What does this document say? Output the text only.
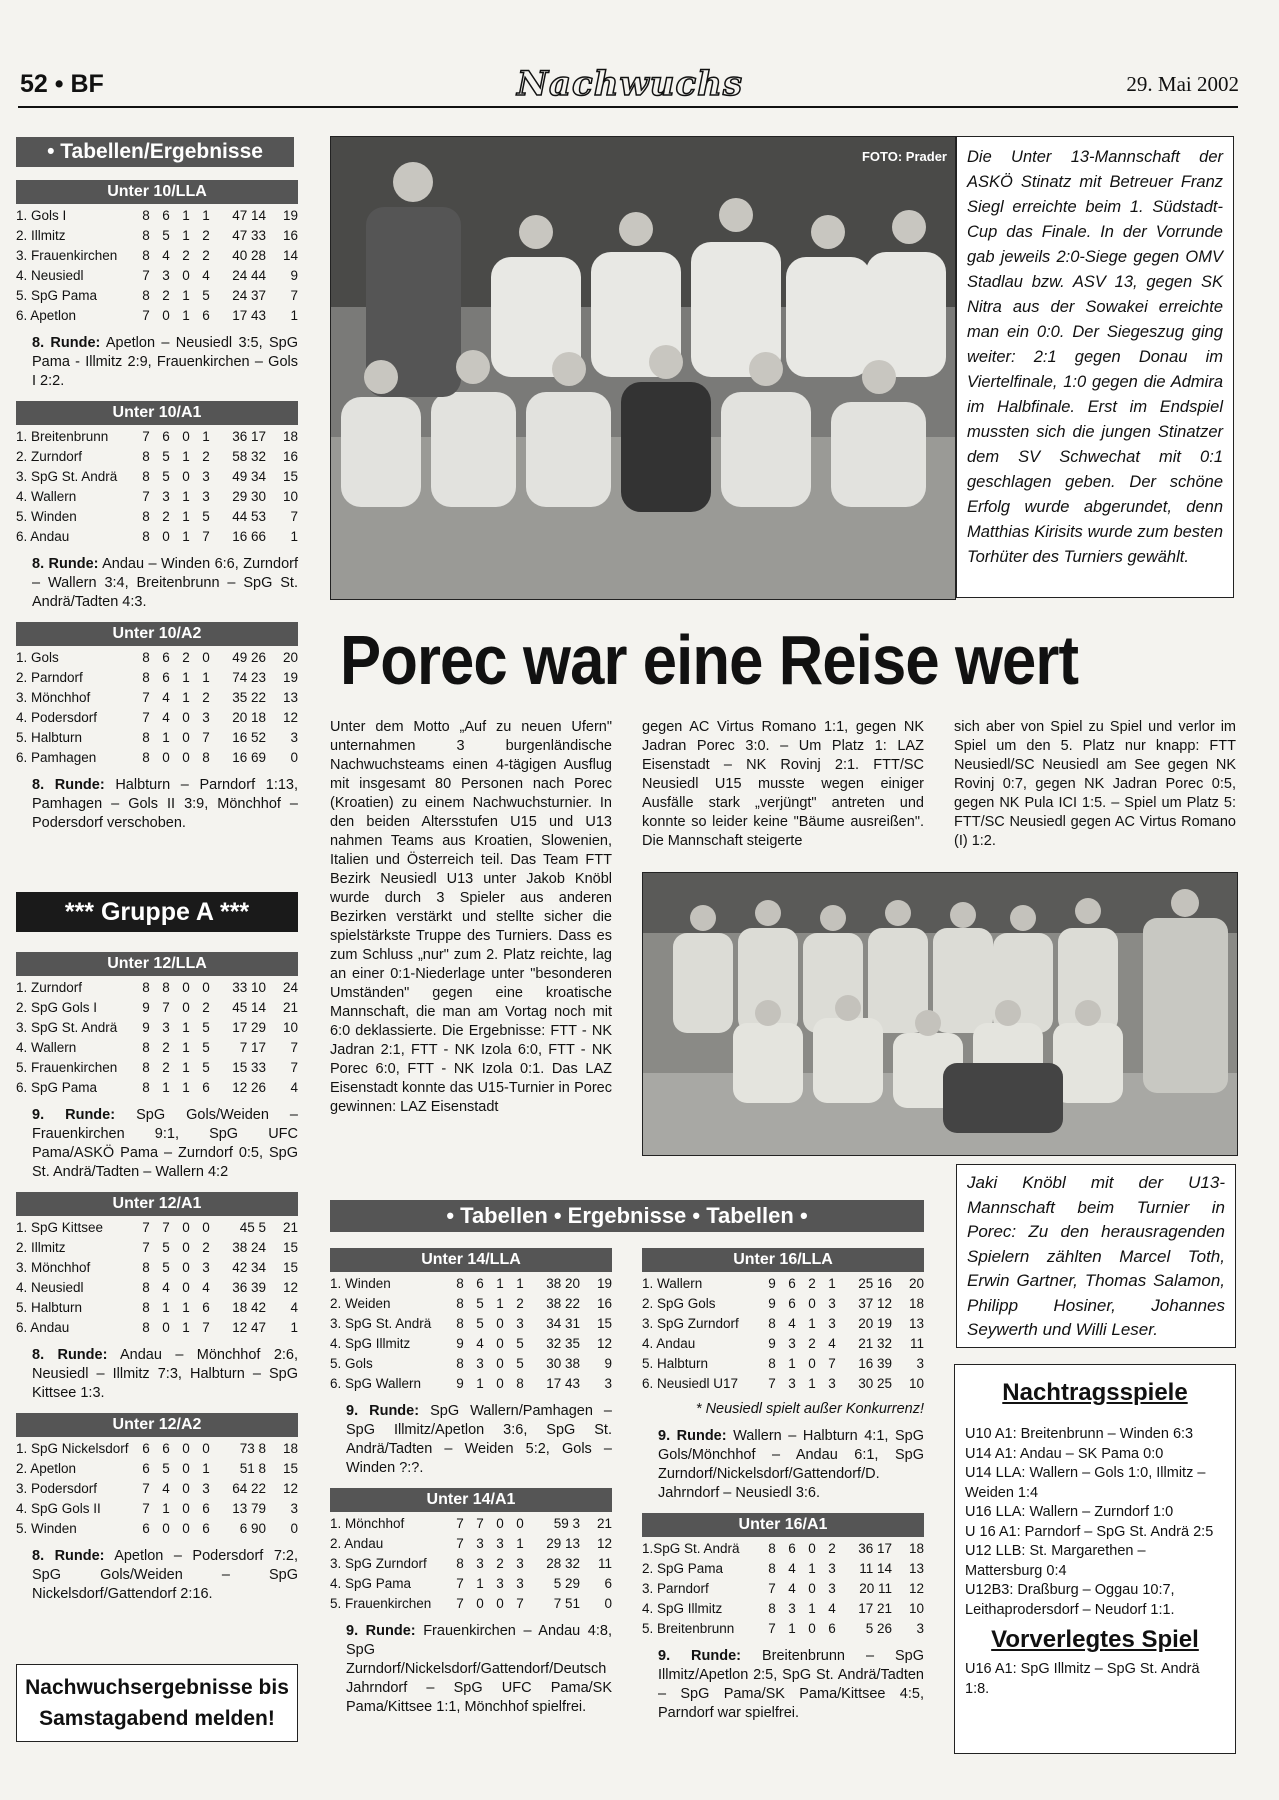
52 • BF	Nachwuchs	29. Mai 2002
• Tabellen/Ergebnisse
Unter 10/LLA
1. Gols I	8	6	1	1	47 14	19
2. Illmitz	8	5	1	2	47 33	16
3. Frauenkirchen	8	4	2	2	40 28	14
4. Neusiedl	7	3	0	4	24 44	9
5. SpG Pama	8	2	1	5	24 37	7
6. Apetlon	7	0	1	6	17 43	1
8. Runde: Apetlon – Neusiedl 3:5, SpG Pama - Illmitz 2:9, Frauenkirchen – Gols I 2:2.
Unter 10/A1
1. Breitenbrunn	7	6	0	1	36 17	18
2. Zurndorf	8	5	1	2	58 32	16
3. SpG St. Andrä	8	5	0	3	49 34	15
4. Wallern	7	3	1	3	29 30	10
5. Winden	8	2	1	5	44 53	7
6. Andau	8	0	1	7	16 66	1
8. Runde: Andau – Winden 6:6, Zurndorf – Wallern 3:4, Breitenbrunn – SpG St. Andrä/Tadten 4:3.
Unter 10/A2
1. Gols	8	6	2	0	49 26	20
2. Parndorf	8	6	1	1	74 23	19
3. Mönchhof	7	4	1	2	35 22	13
4. Podersdorf	7	4	0	3	20 18	12
5. Halbturn	8	1	0	7	16 52	3
6. Pamhagen	8	0	0	8	16 69	0
8. Runde: Halbturn – Parndorf 1:13, Pamhagen – Gols II 3:9, Mönchhof – Podersdorf verschoben.
*** Gruppe A ***
Unter 12/LLA
1. Zurndorf	8	8	0	0	33 10	24
2. SpG Gols I	9	7	0	2	45 14	21
3. SpG St. Andrä	9	3	1	5	17 29	10
4. Wallern	8	2	1	5	7 17	7
5. Frauenkirchen	8	2	1	5	15 33	7
6. SpG Pama	8	1	1	6	12 26	4
9. Runde: SpG Gols/Weiden – Frauenkirchen 9:1, SpG UFC Pama/ASKÖ Pama – Zurndorf 0:5, SpG St. Andrä/Tadten – Wallern 4:2
Unter 12/A1
1. SpG Kittsee	7	7	0	0	45 5	21
2. Illmitz	7	5	0	2	38 24	15
3. Mönchhof	8	5	0	3	42 34	15
4. Neusiedl	8	4	0	4	36 39	12
5. Halbturn	8	1	1	6	18 42	4
6. Andau	8	0	1	7	12 47	1
8. Runde: Andau – Mönchhof 2:6, Neusiedl – Illmitz 7:3, Halbturn – SpG Kittsee 1:3.
Unter 12/A2
1. SpG Nickelsdorf	6	6	0	0	73 8	18
2. Apetlon	6	5	0	1	51 8	15
3. Podersdorf	7	4	0	3	64 22	12
4. SpG Gols II	7	1	0	6	13 79	3
5. Winden	6	0	0	6	6 90	0
8. Runde: Apetlon – Podersdorf 7:2, SpG Gols/Weiden – SpG Nickelsdorf/Gattendorf 2:16.
Nachwuchsergebnisse bis Samstagabend melden!
FOTO: Prader	Die Unter 13-Mannschaft der ASKÖ Stinatz mit Betreuer Franz Siegl erreichte beim 1. Südstadt-Cup das Finale. In der Vorrunde gab jeweils 2:0-Siege gegen OMV Stadlau bzw. ASV 13, gegen SK Nitra aus der Sowakei erreichte man ein 0:0. Der Siegeszug ging weiter: 2:1 gegen Donau im Viertelfinale, 1:0 gegen die Admira im Halbfinale. Erst im Endspiel mussten sich die jungen Stinatzer dem SV Schwechat mit 0:1 geschlagen geben. Der schöne Erfolg wurde abgerundet, denn Matthias Kirisits wurde zum besten Torhüter des Turniers gewählt.
Porec war eine Reise wert
Unter dem Motto „Auf zu neuen Ufern" unternahmen 3 burgenländische Nachwuchsteams einen 4-tägigen Ausflug mit insgesamt 80 Personen nach Porec (Kroatien) zu einem Nachwuchsturnier. In den beiden Altersstufen U15 und U13 nahmen Teams aus Kroatien, Slowenien, Italien und Österreich teil. Das Team FTT Bezirk Neusiedl U13 unter Jakob Knöbl wurde durch 3 Spieler aus anderen Bezirken verstärkt und stellte sicher die spielstärkste Truppe des Turniers. Dass es zum Schluss „nur" zum 2. Platz reichte, lag an einer 0:1-Niederlage unter "besonderen Umständen" gegen eine kroatische Mannschaft, die man am Vortag noch mit 6:0 deklassierte. Die Ergebnisse: FTT - NK Jadran 2:1, FTT - NK Izola 6:0, FTT - NK Porec 6:0, FTT - NK Izola 0:1. Das LAZ Eisenstadt konnte das U15-Turnier in Porec gewinnen: LAZ Eisenstadt
gegen AC Virtus Romano 1:1, gegen NK Jadran Porec 3:0. – Um Platz 1: LAZ Eisenstadt – NK Rovinj 2:1. FTT/SC Neusiedl U15 musste wegen einiger Ausfälle stark „verjüngt" antreten und konnte so leider keine "Bäume ausreißen". Die Mannschaft steigerte
sich aber von Spiel zu Spiel und verlor im Spiel um den 5. Platz nur knapp: FTT Neusiedl/SC Neusiedl am See gegen NK Rovinj 0:7, gegen NK Jadran Porec 0:5, gegen NK Pula ICI 1:5. – Spiel um Platz 5: FTT/SC Neusiedl gegen AC Virtus Romano (I) 1:2.
Jaki Knöbl mit der U13-Mannschaft beim Turnier in Porec: Zu den herausragenden Spielern zählten Marcel Toth, Erwin Gartner, Thomas Salamon, Philipp Hosiner, Johannes Seywerth und Willi Leser.
• Tabellen • Ergebnisse • Tabellen •
Unter 14/LLA
1. Winden	8	6	1	1	38 20	19
2. Weiden	8	5	1	2	38 22	16
3. SpG St. Andrä	8	5	0	3	34 31	15
4. SpG Illmitz	9	4	0	5	32 35	12
5. Gols	8	3	0	5	30 38	9
6. SpG Wallern	9	1	0	8	17 43	3
9. Runde: SpG Wallern/Pamhagen – SpG Illmitz/Apetlon 3:6, SpG St. Andrä/Tadten – Weiden 5:2, Gols – Winden ?:?.
Unter 14/A1
1. Mönchhof	7	7	0	0	59 3	21
2. Andau	7	3	3	1	29 13	12
3. SpG Zurndorf	8	3	2	3	28 32	11
4. SpG Pama	7	1	3	3	5 29	6
5. Frauenkirchen	7	0	0	7	7 51	0
9. Runde: Frauenkirchen – Andau 4:8, SpG Zurndorf/Nickelsdorf/Gattendorf/Deutsch Jahrndorf – SpG UFC Pama/SK Pama/Kittsee 1:1, Mönchhof spielfrei.
Unter 16/LLA
1. Wallern	9	6	2	1	25 16	20
2. SpG Gols	9	6	0	3	37 12	18
3. SpG Zurndorf	8	4	1	3	20 19	13
4. Andau	9	3	2	4	21 32	11
5. Halbturn	8	1	0	7	16 39	3
6. Neusiedl U17	7	3	1	3	30 25	10
* Neusiedl spielt außer Konkurrenz!
9. Runde: Wallern – Halbturn 4:1, SpG Gols/Mönchhof – Andau 6:1, SpG Zurndorf/Nickelsdorf/Gattendorf/D. Jahrndorf – Neusiedl 3:6.
Unter 16/A1
1.SpG St. Andrä	8	6	0	2	36 17	18
2. SpG Pama	8	4	1	3	11 14	13
3. Parndorf	7	4	0	3	20 11	12
4. SpG Illmitz	8	3	1	4	17 21	10
5. Breitenbrunn	7	1	0	6	5 26	3
9. Runde: Breitenbrunn – SpG Illmitz/Apetlon 2:5, SpG St. Andrä/Tadten – SpG Pama/SK Pama/Kittsee 4:5, Parndorf war spielfrei.
Nachtragsspiele
U10 A1: Breitenbrunn – Winden 6:3
U14 A1: Andau – SK Pama 0:0
U14 LLA: Wallern – Gols 1:0, Illmitz – Weiden 1:4
U16 LLA: Wallern – Zurndorf 1:0
U 16 A1: Parndorf – SpG St. Andrä 2:5
U12 LLB: St. Margarethen – Mattersburg 0:4
U12B3: Draßburg – Oggau 10:7, Leithaprodersdorf – Neudorf 1:1.
Vorverlegtes Spiel
U16 A1: SpG Illmitz – SpG St. Andrä 1:8.
